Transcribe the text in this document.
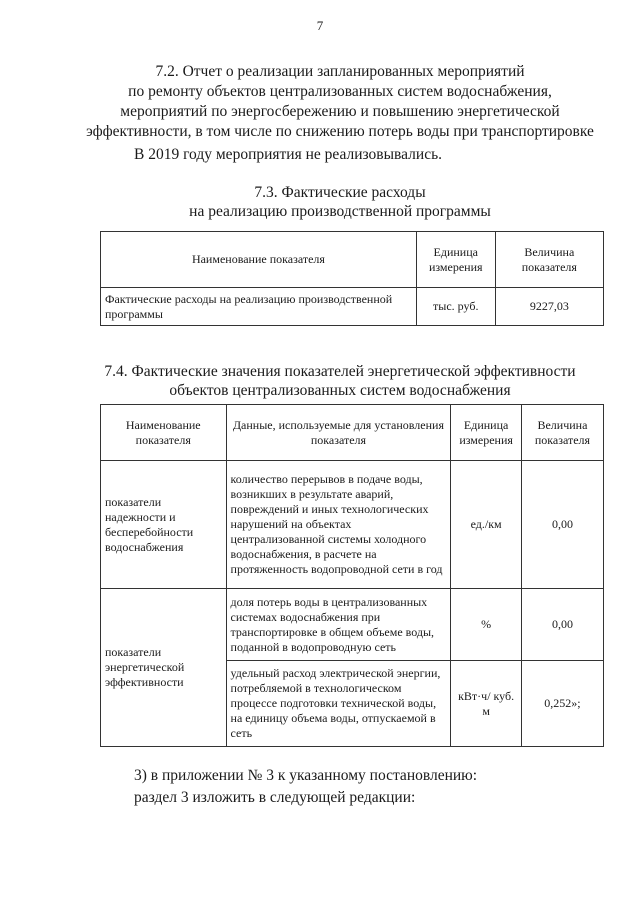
7
7.2. Отчет о реализации запланированных мероприятий
по ремонту объектов централизованных систем водоснабжения,
мероприятий по энергосбережению и повышению энергетической
эффективности, в том числе по снижению потерь воды при транспортировке
В 2019 году мероприятия не реализовывались.
7.3. Фактические расходы
на реализацию производственной программы
Наименование показателя	Единица измерения	Величина показателя
Фактические расходы на реализацию производственной программы	тыс. руб.	9227,03
7.4. Фактические значения показателей энергетической эффективности
объектов централизованных систем водоснабжения
Наименование показателя	Данные, используемые для установления показателя	Единица измерения	Величина показателя
показатели надежности и бесперебойности водоснабжения	количество перерывов в подаче воды, возникших в результате аварий, повреждений и иных технологических нарушений на объектах централизованной системы холодного водоснабжения, в расчете на протяженность водопроводной сети в год	ед./км	0,00
показатели энергетической эффективности	доля потерь воды в централизованных системах водоснабжения при транспортировке в общем объеме воды, поданной в водопроводную сеть	%	0,00
	удельный расход электрической энергии, потребляемой в технологическом процессе подготовки технической воды, на единицу объема воды, отпускаемой в сеть	кВт·ч/ куб. м	0,252»;
3) в приложении № 3 к указанному постановлению:
раздел 3 изложить в следующей редакции:
